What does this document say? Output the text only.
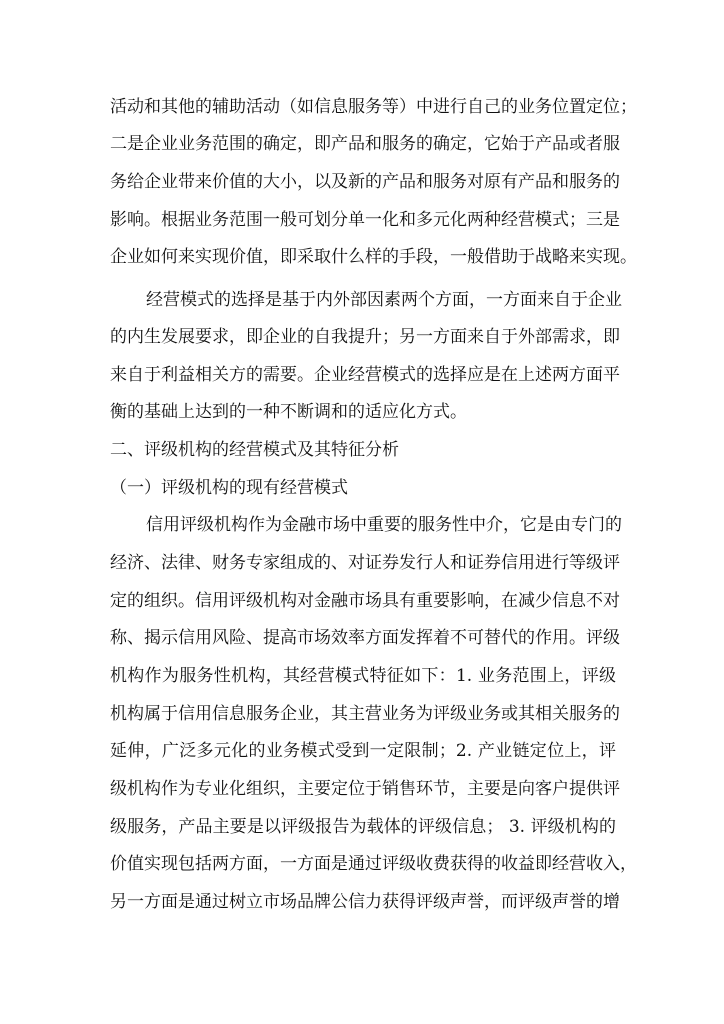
活动和其他的辅助活动（如信息服务等）中进行自己的业务位置定位；
二是企业业务范围的确定，即产品和服务的确定，它始于产品或者服
务给企业带来价值的大小，以及新的产品和服务对原有产品和服务的
影响。根据业务范围一般可划分单一化和多元化两种经营模式；三是
企业如何来实现价值，即采取什么样的手段，一般借助于战略来实现。
经营模式的选择是基于内外部因素两个方面，一方面来自于企业
的内生发展要求，即企业的自我提升；另一方面来自于外部需求，即
来自于利益相关方的需要。企业经营模式的选择应是在上述两方面平
衡的基础上达到的一种不断调和的适应化方式。
二、评级机构的经营模式及其特征分析
（一）评级机构的现有经营模式
信用评级机构作为金融市场中重要的服务性中介，它是由专门的
经济、法律、财务专家组成的、对证券发行人和证券信用进行等级评
定的组织。信用评级机构对金融市场具有重要影响，在减少信息不对
称、揭示信用风险、提高市场效率方面发挥着不可替代的作用。评级
机构作为服务性机构，其经营模式特征如下：1. 业务范围上，评级
机构属于信用信息服务企业，其主营业务为评级业务或其相关服务的
延伸，广泛多元化的业务模式受到一定限制；2. 产业链定位上，评
级机构作为专业化组织，主要定位于销售环节，主要是向客户提供评
级服务，产品主要是以评级报告为载体的评级信息； 3. 评级机构的
价值实现包括两方面，一方面是通过评级收费获得的收益即经营收入，
另一方面是通过树立市场品牌公信力获得评级声誉，而评级声誉的增
